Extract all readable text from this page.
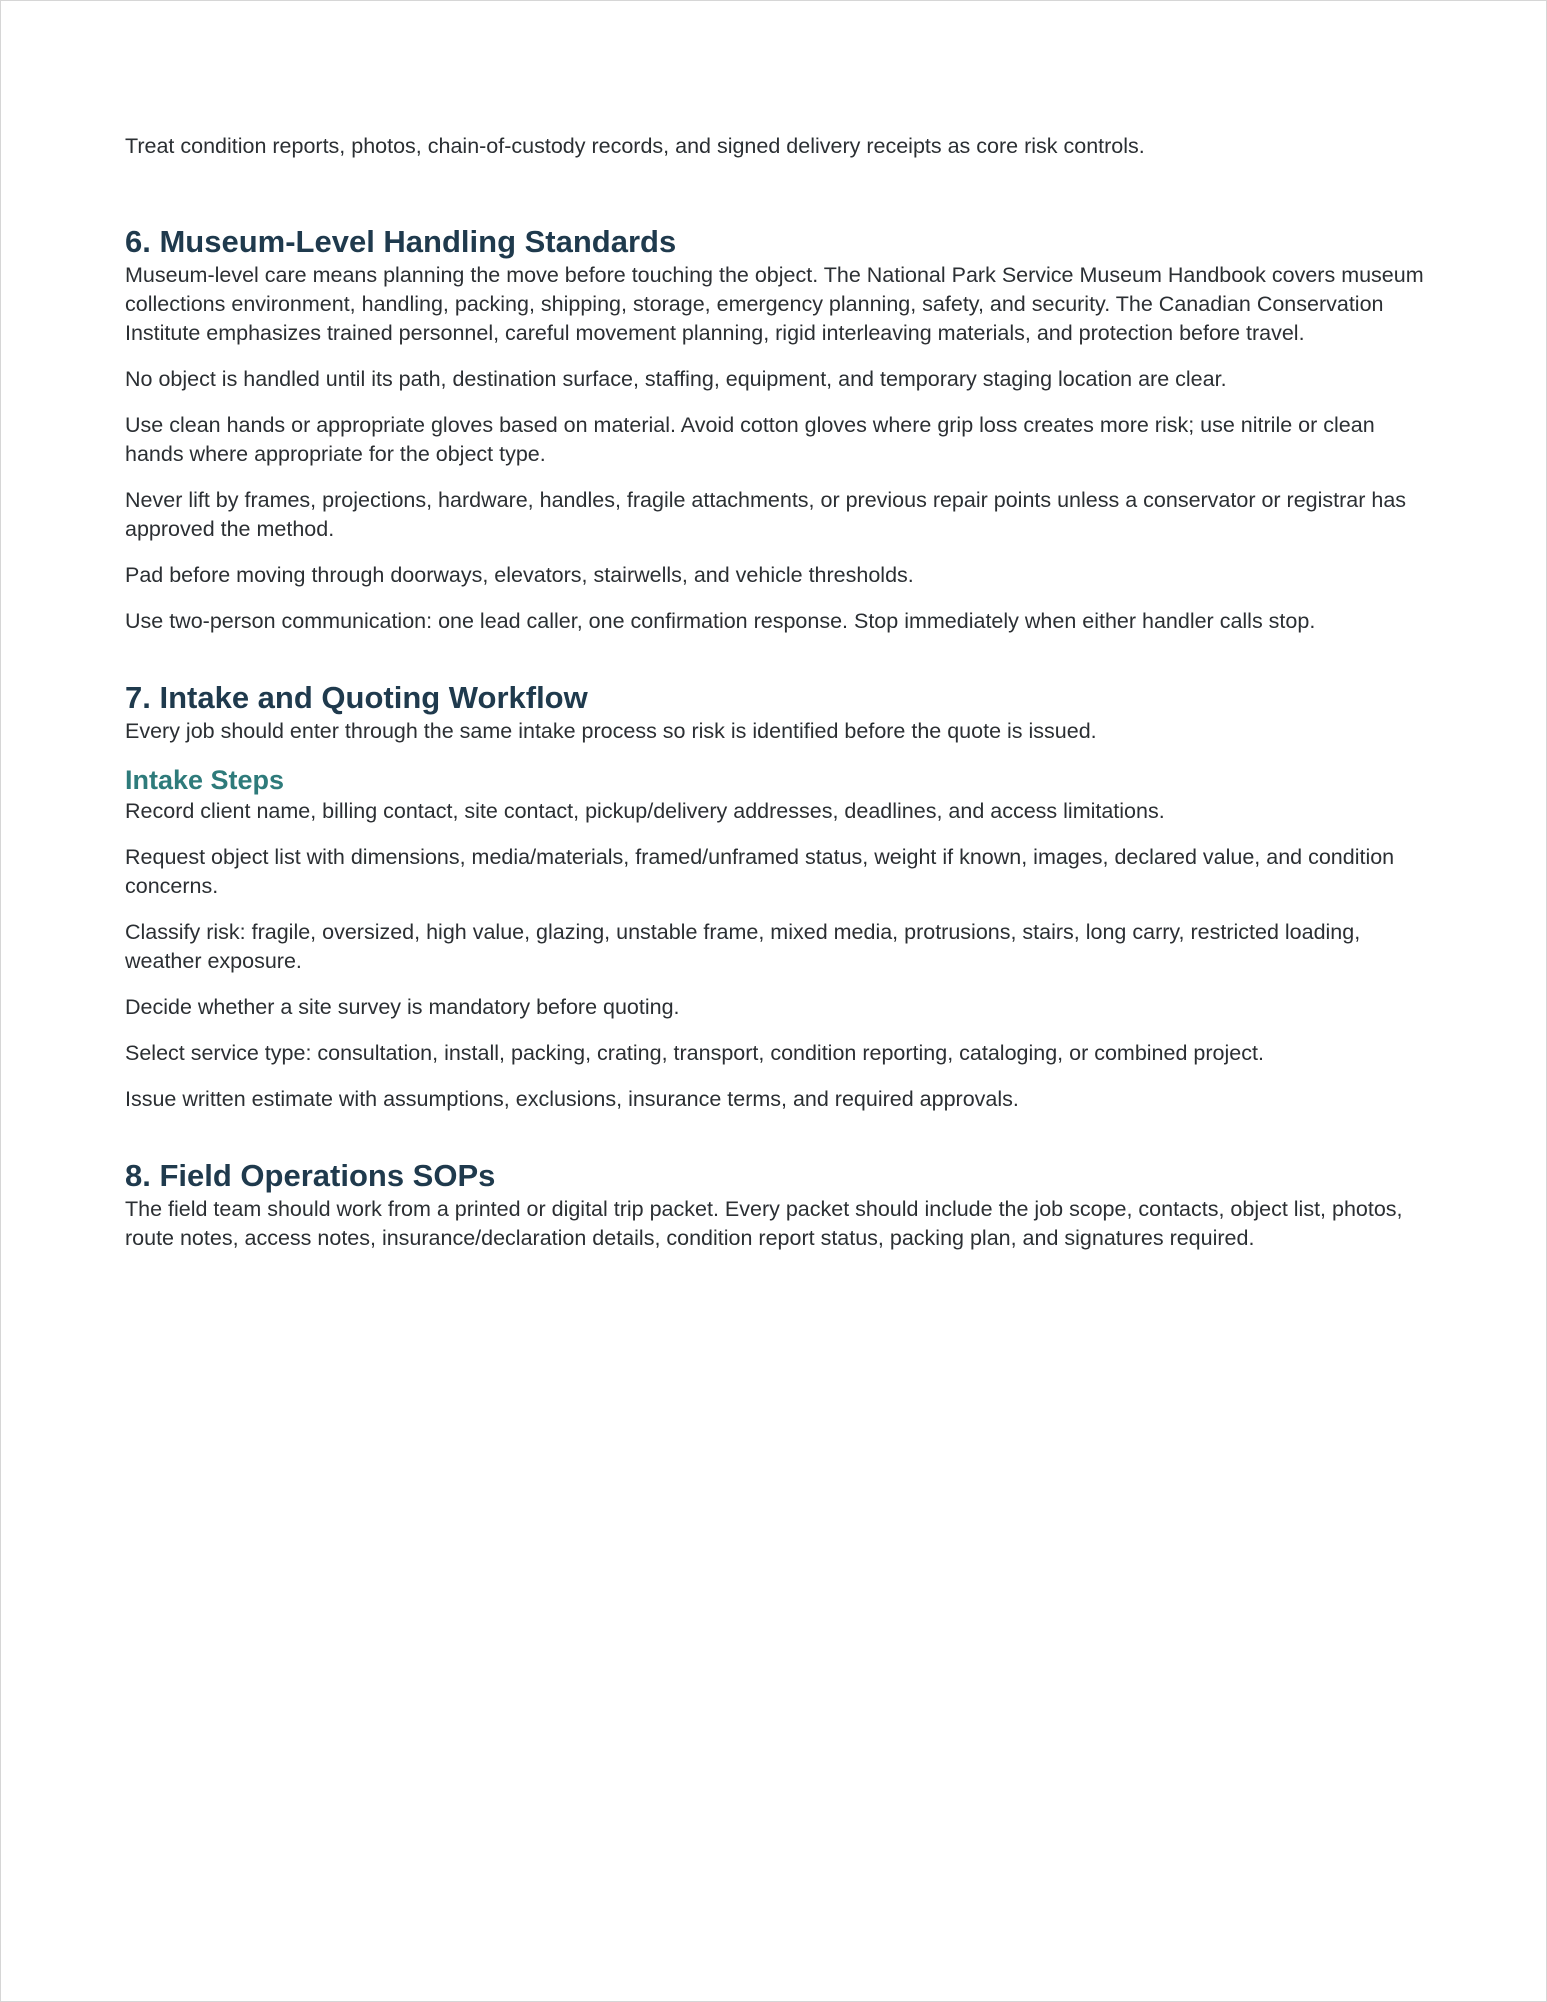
Treat condition reports, photos, chain-of-custody records, and signed delivery receipts as core risk controls.

6. Museum-Level Handling Standards

Museum-level care means planning the move before touching the object. The National Park Service Museum Handbook covers museum collections environment, handling, packing, shipping, storage, emergency planning, safety, and security. The Canadian Conservation Institute emphasizes trained personnel, careful movement planning, rigid interleaving materials, and protection before travel.

No object is handled until its path, destination surface, staffing, equipment, and temporary staging location are clear.

Use clean hands or appropriate gloves based on material. Avoid cotton gloves where grip loss creates more risk; use nitrile or clean hands where appropriate for the object type.

Never lift by frames, projections, hardware, handles, fragile attachments, or previous repair points unless a conservator or registrar has approved the method.

Pad before moving through doorways, elevators, stairwells, and vehicle thresholds.

Use two-person communication: one lead caller, one confirmation response. Stop immediately when either handler calls stop.

7. Intake and Quoting Workflow

Every job should enter through the same intake process so risk is identified before the quote is issued.

Intake Steps

Record client name, billing contact, site contact, pickup/delivery addresses, deadlines, and access limitations.

Request object list with dimensions, media/materials, framed/unframed status, weight if known, images, declared value, and condition concerns.

Classify risk: fragile, oversized, high value, glazing, unstable frame, mixed media, protrusions, stairs, long carry, restricted loading, weather exposure.

Decide whether a site survey is mandatory before quoting.

Select service type: consultation, install, packing, crating, transport, condition reporting, cataloging, or combined project.

Issue written estimate with assumptions, exclusions, insurance terms, and required approvals.

8. Field Operations SOPs

The field team should work from a printed or digital trip packet. Every packet should include the job scope, contacts, object list, photos, route notes, access notes, insurance/declaration details, condition report status, packing plan, and signatures required.
